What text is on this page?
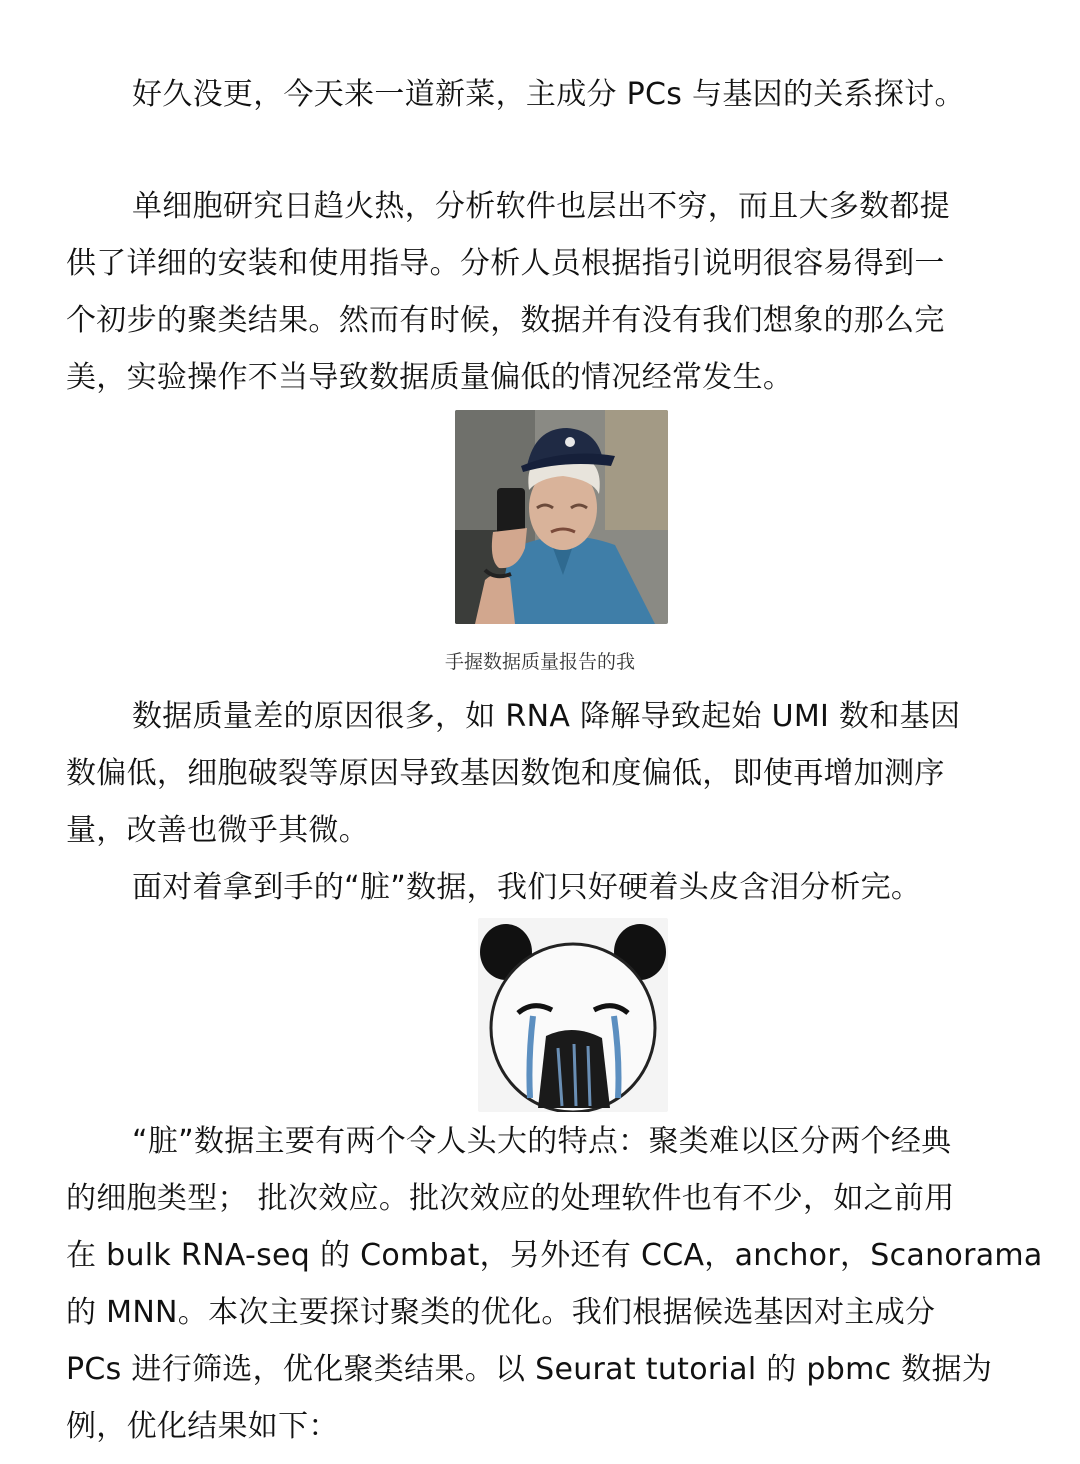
好久没更，今天来一道新菜，主成分 PCs 与基因的关系探讨。

单细胞研究日趋火热，分析软件也层出不穷，而且大多数都提
供了详细的安装和使用指导。分析人员根据指引说明很容易得到一
个初步的聚类结果。然而有时候，数据并有没有我们想象的那么完
美，实验操作不当导致数据质量偏低的情况经常发生。

手握数据质量报告的我

数据质量差的原因很多，如 RNA 降解导致起始 UMI 数和基因
数偏低，细胞破裂等原因导致基因数饱和度偏低，即使再增加测序
量，改善也微乎其微。

面对着拿到手的“脏”数据，我们只好硬着头皮含泪分析完。

“脏”数据主要有两个令人头大的特点：聚类难以区分两个经典
的细胞类型； 批次效应。批次效应的处理软件也有不少，如之前用
在 bulk RNA-seq 的 Combat，另外还有 CCA，anchor，Scanorama
的 MNN。本次主要探讨聚类的优化。我们根据候选基因对主成分
PCs 进行筛选，优化聚类结果。以 Seurat tutorial 的 pbmc 数据为
例，优化结果如下：
